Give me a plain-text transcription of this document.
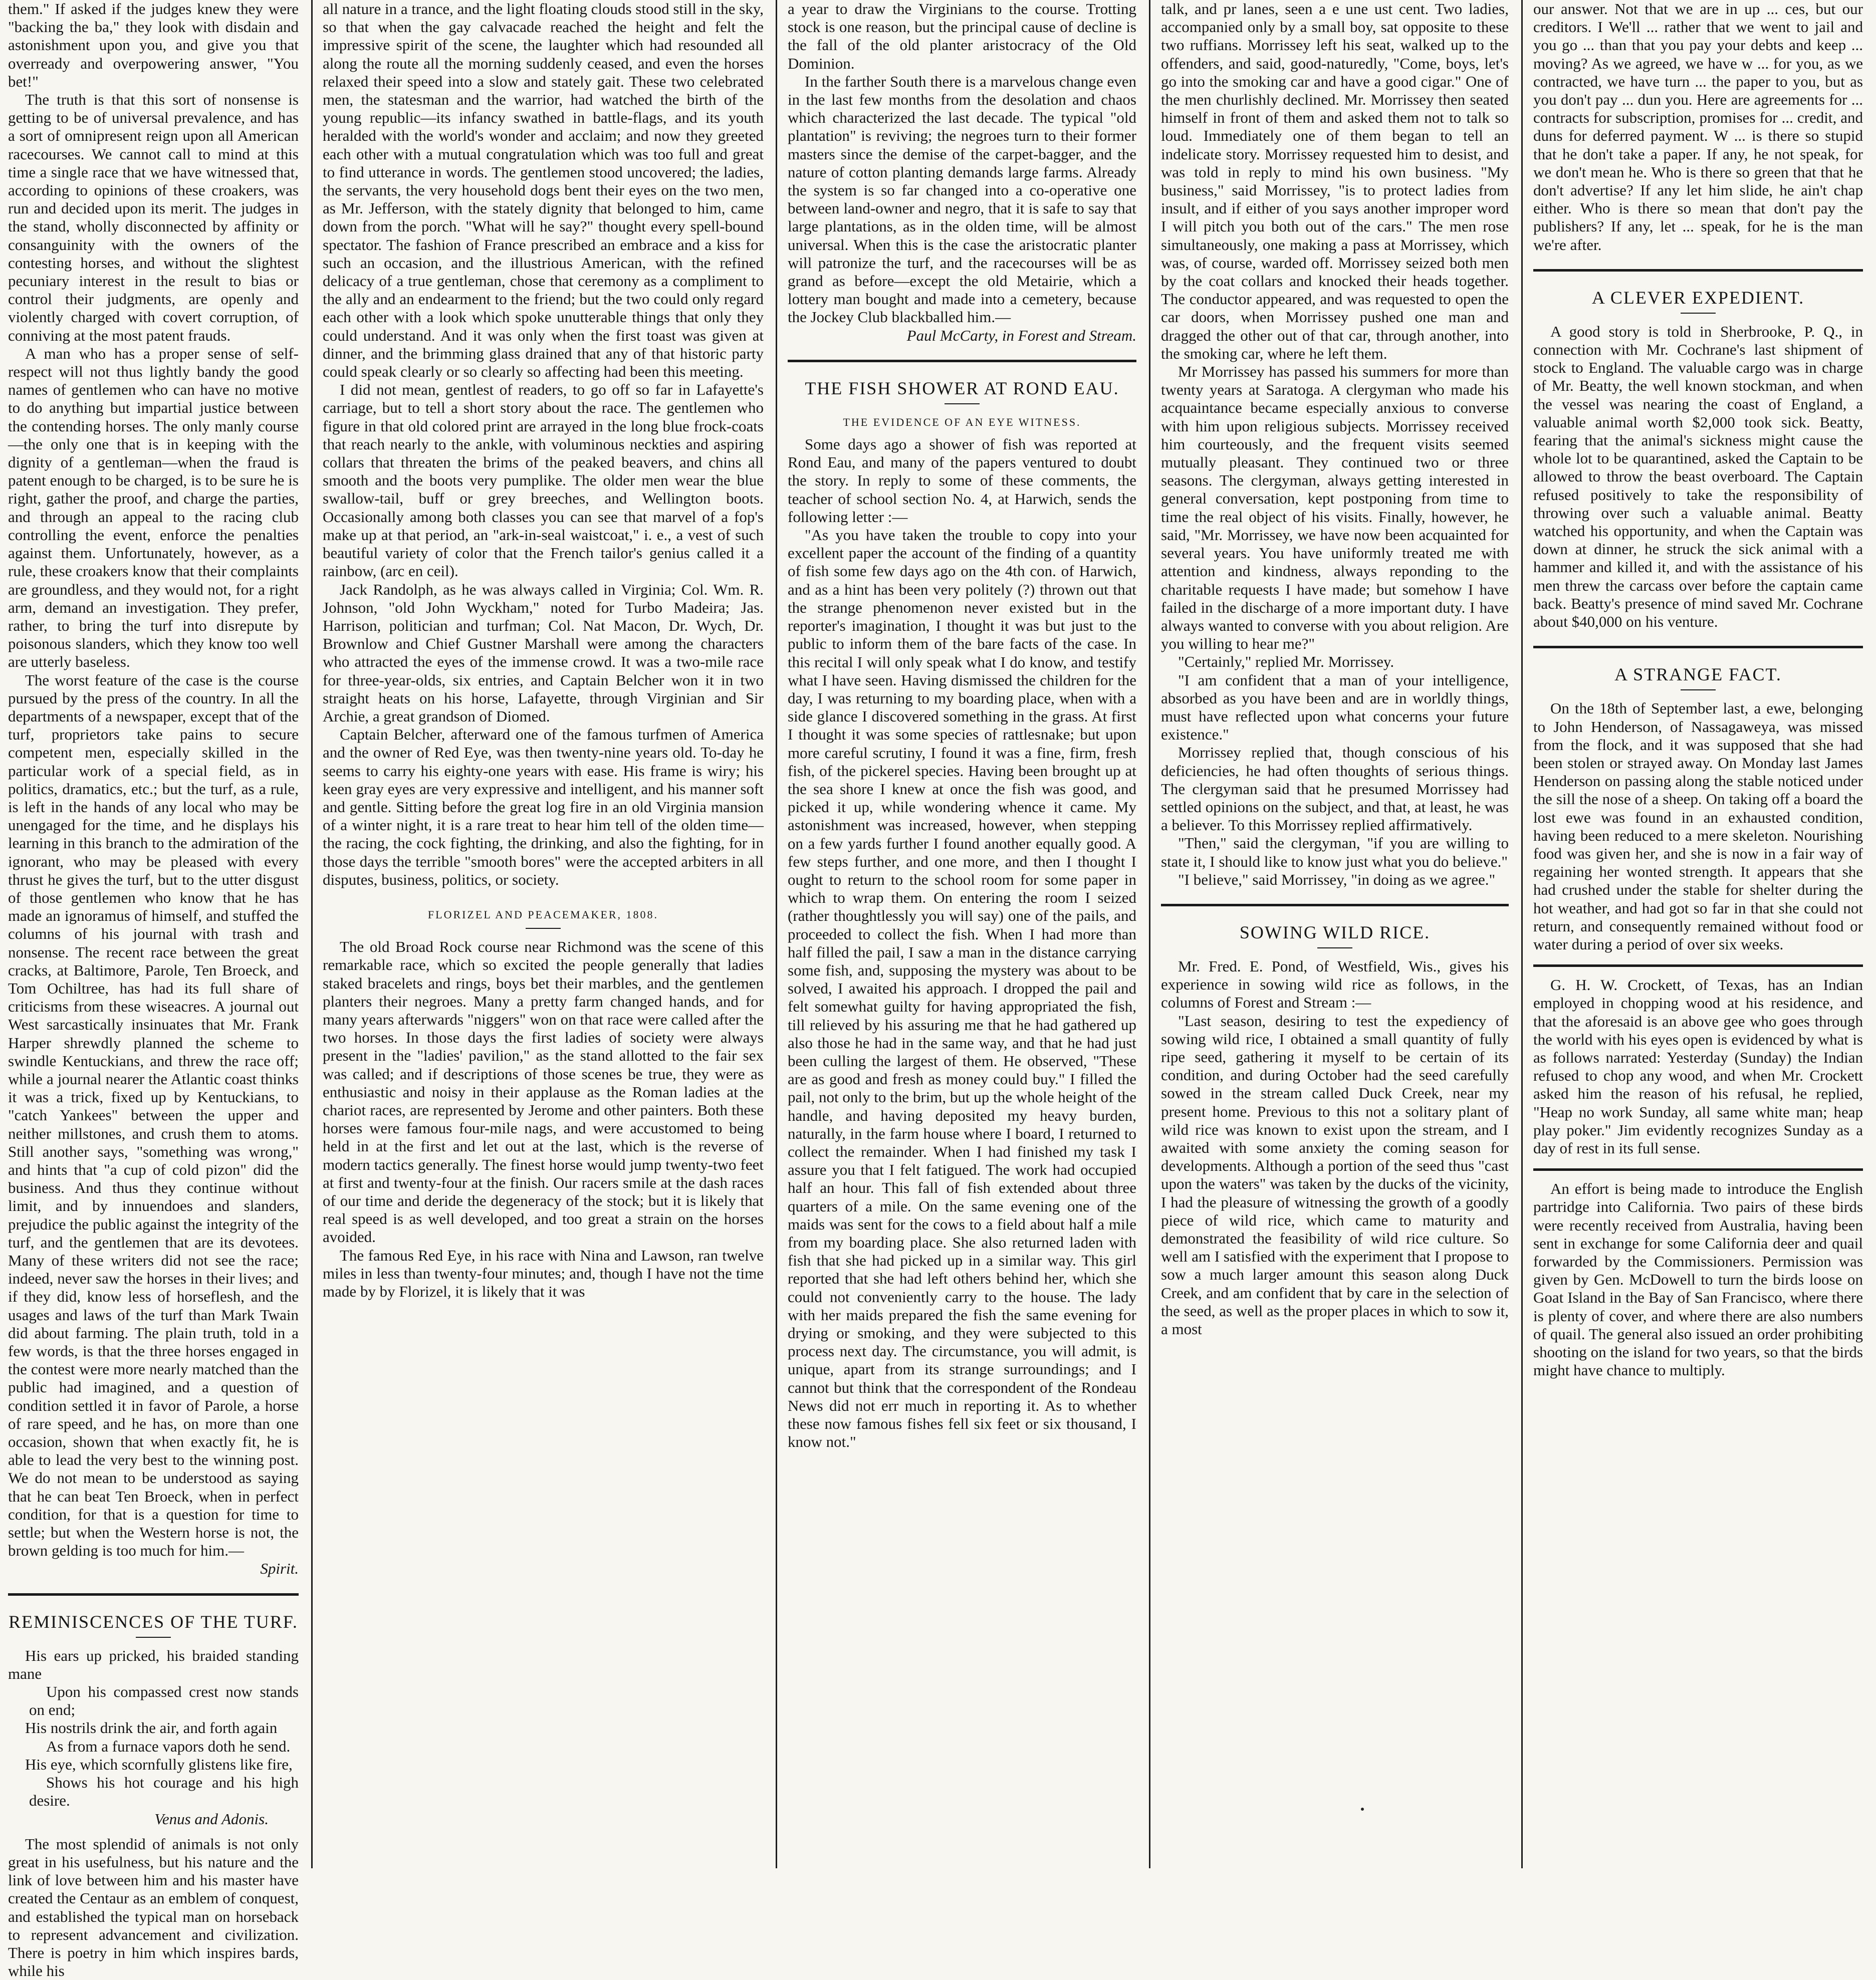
them." If asked if the judges knew they were "backing the ba," they look with disdain and astonishment upon you, and give you that overready and overpowering answer, "You bet!"

The truth is that this sort of nonsense is getting to be of universal prevalence, and has a sort of omnipresent reign upon all American racecourses. We cannot call to mind at this time a single race that we have witnessed that, according to opinions of these croakers, was run and decided upon its merit. The judges in the stand, wholly disconnected by affinity or consanguinity with the owners of the contesting horses, and without the slightest pecuniary interest in the result to bias or control their judgments, are openly and violently charged with covert corruption, of conniving at the most patent frauds.

A man who has a proper sense of self-respect will not thus lightly bandy the good names of gentlemen who can have no motive to do anything but impartial justice between the contending horses. The only manly course—the only one that is in keeping with the dignity of a gentleman—when the fraud is patent enough to be charged, is to be sure he is right, gather the proof, and charge the parties, and through an appeal to the racing club controlling the event, enforce the penalties against them. Unfortunately, however, as a rule, these croakers know that their complaints are groundless, and they would not, for a right arm, demand an investigation. They prefer, rather, to bring the turf into disrepute by poisonous slanders, which they know too well are utterly baseless.

The worst feature of the case is the course pursued by the press of the country. In all the departments of a newspaper, except that of the turf, proprietors take pains to secure competent men, especially skilled in the particular work of a special field, as in politics, dramatics, etc.; but the turf, as a rule, is left in the hands of any local who may be unengaged for the time, and he displays his learning in this branch to the admiration of the ignorant, who may be pleased with every thrust he gives the turf, but to the utter disgust of those gentlemen who know that he has made an ignoramus of himself, and stuffed the columns of his journal with trash and nonsense. The recent race between the great cracks, at Baltimore, Parole, Ten Broeck, and Tom Ochiltree, has had its full share of criticisms from these wiseacres. A journal out West sarcastically insinuates that Mr. Frank Harper shrewdly planned the scheme to swindle Kentuckians, and threw the race off; while a journal nearer the Atlantic coast thinks it was a trick, fixed up by Kentuckians, to "catch Yankees" between the upper and neither millstones, and crush them to atoms. Still another says, "something was wrong," and hints that "a cup of cold pizon" did the business. And thus they continue without limit, and by innuendoes and slanders, prejudice the public against the integrity of the turf, and the gentlemen that are its devotees. Many of these writers did not see the race; indeed, never saw the horses in their lives; and if they did, know less of horseflesh, and the usages and laws of the turf than Mark Twain did about farming. The plain truth, told in a few words, is that the three horses engaged in the contest were more nearly matched than the public had imagined, and a question of condition settled it in favor of Parole, a horse of rare speed, and he has, on more than one occasion, shown that when exactly fit, he is able to lead the very best to the winning post. We do not mean to be understood as saying that he can beat Ten Broeck, when in perfect condition, for that is a question for time to settle; but when the Western horse is not, the brown gelding is too much for him.—

Spirit.

REMINISCENCES OF THE TURF.

His ears up pricked, his braided standing mane
Upon his compassed crest now stands on end;
His nostrils drink the air, and forth again
As from a furnace vapors doth he send.
His eye, which scornfully glistens like fire,
Shows his hot courage and his high desire.
Venus and Adonis.

The most splendid of animals is not only great in his usefulness, but his nature and the link of love between him and his master have created the Centaur as an emblem of conquest, and established the typical man on horseback to represent advancement and civilization. There is poetry in him which inspires bards, while his

all nature in a trance, and the light floating clouds stood still in the sky, so that when the gay calvacade reached the height and felt the impressive spirit of the scene, the laughter which had resounded all along the route all the morning suddenly ceased, and even the horses relaxed their speed into a slow and stately gait. These two celebrated men, the statesman and the warrior, had watched the birth of the young republic—its infancy swathed in battle-flags, and its youth heralded with the world's wonder and acclaim; and now they greeted each other with a mutual congratulation which was too full and great to find utterance in words. The gentlemen stood uncovered; the ladies, the servants, the very household dogs bent their eyes on the two men, as Mr. Jefferson, with the stately dignity that belonged to him, came down from the porch. "What will he say?" thought every spell-bound spectator. The fashion of France prescribed an embrace and a kiss for such an occasion, and the illustrious American, with the refined delicacy of a true gentleman, chose that ceremony as a compliment to the ally and an endearment to the friend; but the two could only regard each other with a look which spoke unutterable things that only they could understand. And it was only when the first toast was given at dinner, and the brimming glass drained that any of that historic party could speak clearly or so clearly so affecting had been this meeting.

I did not mean, gentlest of readers, to go off so far in Lafayette's carriage, but to tell a short story about the race. The gentlemen who figure in that old colored print are arrayed in the long blue frock-coats that reach nearly to the ankle, with voluminous neckties and aspiring collars that threaten the brims of the peaked beavers, and chins all smooth and the boots very pumplike. The older men wear the blue swallow-tail, buff or grey breeches, and Wellington boots. Occasionally among both classes you can see that marvel of a fop's make up at that period, an "ark-in-seal waistcoat," i. e., a vest of such beautiful variety of color that the French tailor's genius called it a rainbow, (arc en ceil).

Jack Randolph, as he was always called in Virginia; Col. Wm. R. Johnson, "old John Wyckham," noted for Turbo Madeira; Jas. Harrison, politician and turfman; Col. Nat Macon, Dr. Wych, Dr. Brownlow and Chief Gustner Marshall were among the characters who attracted the eyes of the immense crowd. It was a two-mile race for three-year-olds, six entries, and Captain Belcher won it in two straight heats on his horse, Lafayette, through Virginian and Sir Archie, a great grandson of Diomed.

Captain Belcher, afterward one of the famous turfmen of America and the owner of Red Eye, was then twenty-nine years old. To-day he seems to carry his eighty-one years with ease. His frame is wiry; his keen gray eyes are very expressive and intelligent, and his manner soft and gentle. Sitting before the great log fire in an old Virginia mansion of a winter night, it is a rare treat to hear him tell of the olden time—the racing, the cock fighting, the drinking, and also the fighting, for in those days the terrible "smooth bores" were the accepted arbiters in all disputes, business, politics, or society.

FLORIZEL AND PEACEMAKER, 1808.

The old Broad Rock course near Richmond was the scene of this remarkable race, which so excited the people generally that ladies staked bracelets and rings, boys bet their marbles, and the gentlemen planters their negroes. Many a pretty farm changed hands, and for many years afterwards "niggers" won on that race were called after the two horses. In those days the first ladies of society were always present in the "ladies' pavilion," as the stand allotted to the fair sex was called; and if descriptions of those scenes be true, they were as enthusiastic and noisy in their applause as the Roman ladies at the chariot races, are represented by Jerome and other painters. Both these horses were famous four-mile nags, and were accustomed to being held in at the first and let out at the last, which is the reverse of modern tactics generally. The finest horse would jump twenty-two feet at first and twenty-four at the finish. Our racers smile at the dash races of our time and deride the degeneracy of the stock; but it is likely that real speed is as well developed, and too great a strain on the horses avoided.

The famous Red Eye, in his race with Nina and Lawson, ran twelve miles in less than twenty-four minutes; and, though I have not the time made by by Florizel, it is likely that it was

a year to draw the Virginians to the course. Trotting stock is one reason, but the principal cause of decline is the fall of the old planter aristocracy of the Old Dominion.

In the farther South there is a marvelous change even in the last few months from the desolation and chaos which characterized the last decade. The typical "old plantation" is reviving; the negroes turn to their former masters since the demise of the carpet-bagger, and the nature of cotton planting demands large farms. Already the system is so far changed into a co-operative one between land-owner and negro, that it is safe to say that large plantations, as in the olden time, will be almost universal. When this is the case the aristocratic planter will patronize the turf, and the racecourses will be as grand as before—except the old Metairie, which a lottery man bought and made into a cemetery, because the Jockey Club blackballed him.—

Paul McCarty, in Forest and Stream.

THE FISH SHOWER AT ROND EAU.
THE EVIDENCE OF AN EYE WITNESS.

Some days ago a shower of fish was reported at Rond Eau, and many of the papers ventured to doubt the story. In reply to some of these comments, the teacher of school section No. 4, at Harwich, sends the following letter :—

"As you have taken the trouble to copy into your excellent paper the account of the finding of a quantity of fish some few days ago on the 4th con. of Harwich, and as a hint has been very politely (?) thrown out that the strange phenomenon never existed but in the reporter's imagination, I thought it was but just to the public to inform them of the bare facts of the case. In this recital I will only speak what I do know, and testify what I have seen. Having dismissed the children for the day, I was returning to my boarding place, when with a side glance I discovered something in the grass. At first I thought it was some species of rattlesnake; but upon more careful scrutiny, I found it was a fine, firm, fresh fish, of the pickerel species. Having been brought up at the sea shore I knew at once the fish was good, and picked it up, while wondering whence it came. My astonishment was increased, however, when stepping on a few yards further I found another equally good. A few steps further, and one more, and then I thought I ought to return to the school room for some paper in which to wrap them. On entering the room I seized (rather thoughtlessly you will say) one of the pails, and proceeded to collect the fish. When I had more than half filled the pail, I saw a man in the distance carrying some fish, and, supposing the mystery was about to be solved, I awaited his approach. I dropped the pail and felt somewhat guilty for having appropriated the fish, till relieved by his assuring me that he had gathered up also those he had in the same way, and that he had just been culling the largest of them. He observed, "These are as good and fresh as money could buy." I filled the pail, not only to the brim, but up the whole height of the handle, and having deposited my heavy burden, naturally, in the farm house where I board, I returned to collect the remainder. When I had finished my task I assure you that I felt fatigued. The work had occupied half an hour. This fall of fish extended about three quarters of a mile. On the same evening one of the maids was sent for the cows to a field about half a mile from my boarding place. She also returned laden with fish that she had picked up in a similar way. This girl reported that she had left others behind her, which she could not conveniently carry to the house. The lady with her maids prepared the fish the same evening for drying or smoking, and they were subjected to this process next day. The circumstance, you will admit, is unique, apart from its strange surroundings; and I cannot but think that the correspondent of the Rondeau News did not err much in reporting it. As to whether these now famous fishes fell six feet or six thousand, I know not."

talk, and pr lanes, seen a e une ust cent. Two ladies, accompanied only by a small boy, sat opposite to these two ruffians. Morrissey left his seat, walked up to the offenders, and said, good-naturedly, "Come, boys, let's go into the smoking car and have a good cigar." One of the men churlishly declined. Mr. Morrissey then seated himself in front of them and asked them not to talk so loud. Immediately one of them began to tell an indelicate story. Morrissey requested him to desist, and was told in reply to mind his own business. "My business," said Morrissey, "is to protect ladies from insult, and if either of you says another improper word I will pitch you both out of the cars." The men rose simultaneously, one making a pass at Morrissey, which was, of course, warded off. Morrissey seized both men by the coat collars and knocked their heads together. The conductor appeared, and was requested to open the car doors, when Morrissey pushed one man and dragged the other out of that car, through another, into the smoking car, where he left them.

Mr Morrissey has passed his summers for more than twenty years at Saratoga. A clergyman who made his acquaintance became especially anxious to converse with him upon religious subjects. Morrissey received him courteously, and the frequent visits seemed mutually pleasant. They continued two or three seasons. The clergyman, always getting interested in general conversation, kept postponing from time to time the real object of his visits. Finally, however, he said, "Mr. Morrissey, we have now been acquainted for several years. You have uniformly treated me with attention and kindness, always reponding to the charitable requests I have made; but somehow I have failed in the discharge of a more important duty. I have always wanted to converse with you about religion. Are you willing to hear me?"

"Certainly," replied Mr. Morrissey.

"I am confident that a man of your intelligence, absorbed as you have been and are in worldly things, must have reflected upon what concerns your future existence."

Morrissey replied that, though conscious of his deficiencies, he had often thoughts of serious things. The clergyman said that he presumed Morrissey had settled opinions on the subject, and that, at least, he was a believer. To this Morrissey replied affirmatively.

"Then," said the clergyman, "if you are willing to state it, I should like to know just what you do believe."

"I believe," said Morrissey, "in doing as we agree."

SOWING WILD RICE.

Mr. Fred. E. Pond, of Westfield, Wis., gives his experience in sowing wild rice as follows, in the columns of Forest and Stream :—

"Last season, desiring to test the expediency of sowing wild rice, I obtained a small quantity of fully ripe seed, gathering it myself to be certain of its condition, and during October had the seed carefully sowed in the stream called Duck Creek, near my present home. Previous to this not a solitary plant of wild rice was known to exist upon the stream, and I awaited with some anxiety the coming season for developments. Although a portion of the seed thus "cast upon the waters" was taken by the ducks of the vicinity, I had the pleasure of witnessing the growth of a goodly piece of wild rice, which came to maturity and demonstrated the feasibility of wild rice culture. So well am I satisfied with the experiment that I propose to sow a much larger amount this season along Duck Creek, and am confident that by care in the selection of the seed, as well as the proper places in which to sow it, a most

our answer. Not that we are in up ... ces, but our creditors. I We'll ... rather that we went to jail and you go ... than that you pay your debts and keep ... moving? As we agreed, we have w ... for you, as we contracted, we have turn ... the paper to you, but as you don't pay ... dun you. Here are agreements for ... contracts for subscription, promises for ... credit, and duns for deferred payment. W ... is there so stupid that he don't take a paper. If any, he not speak, for we don't mean he. Who is there so green that that he don't advertise? If any let him slide, he ain't chap either. Who is there so mean that don't pay the publishers? If any, let ... speak, for he is the man we're after.

A CLEVER EXPEDIENT.

A good story is told in Sherbrooke, P. Q., in connection with Mr. Cochrane's last shipment of stock to England. The valuable cargo was in charge of Mr. Beatty, the well known stockman, and when the vessel was nearing the coast of England, a valuable animal worth $2,000 took sick. Beatty, fearing that the animal's sickness might cause the whole lot to be quarantined, asked the Captain to be allowed to throw the beast overboard. The Captain refused positively to take the responsibility of throwing over such a valuable animal. Beatty watched his opportunity, and when the Captain was down at dinner, he struck the sick animal with a hammer and killed it, and with the assistance of his men threw the carcass over before the captain came back. Beatty's presence of mind saved Mr. Cochrane about $40,000 on his venture.

A STRANGE FACT.

On the 18th of September last, a ewe, belonging to John Henderson, of Nassagaweya, was missed from the flock, and it was supposed that she had been stolen or strayed away. On Monday last James Henderson on passing along the stable noticed under the sill the nose of a sheep. On taking off a board the lost ewe was found in an exhausted condition, having been reduced to a mere skeleton. Nourishing food was given her, and she is now in a fair way of regaining her wonted strength. It appears that she had crushed under the stable for shelter during the hot weather, and had got so far in that she could not return, and consequently remained without food or water during a period of over six weeks.

G. H. W. Crockett, of Texas, has an Indian employed in chopping wood at his residence, and that the aforesaid is an above gee who goes through the world with his eyes open is evidenced by what is as follows narrated: Yesterday (Sunday) the Indian refused to chop any wood, and when Mr. Crockett asked him the reason of his refusal, he replied, "Heap no work Sunday, all same white man; heap play poker." Jim evidently recognizes Sunday as a day of rest in its full sense.

An effort is being made to introduce the English partridge into California. Two pairs of these birds were recently received from Australia, having been sent in exchange for some California deer and quail forwarded by the Commissioners. Permission was given by Gen. McDowell to turn the birds loose on Goat Island in the Bay of San Francisco, where there is plenty of cover, and where there are also numbers of quail. The general also issued an order prohibiting shooting on the island for two years, so that the birds might have chance to multiply.
